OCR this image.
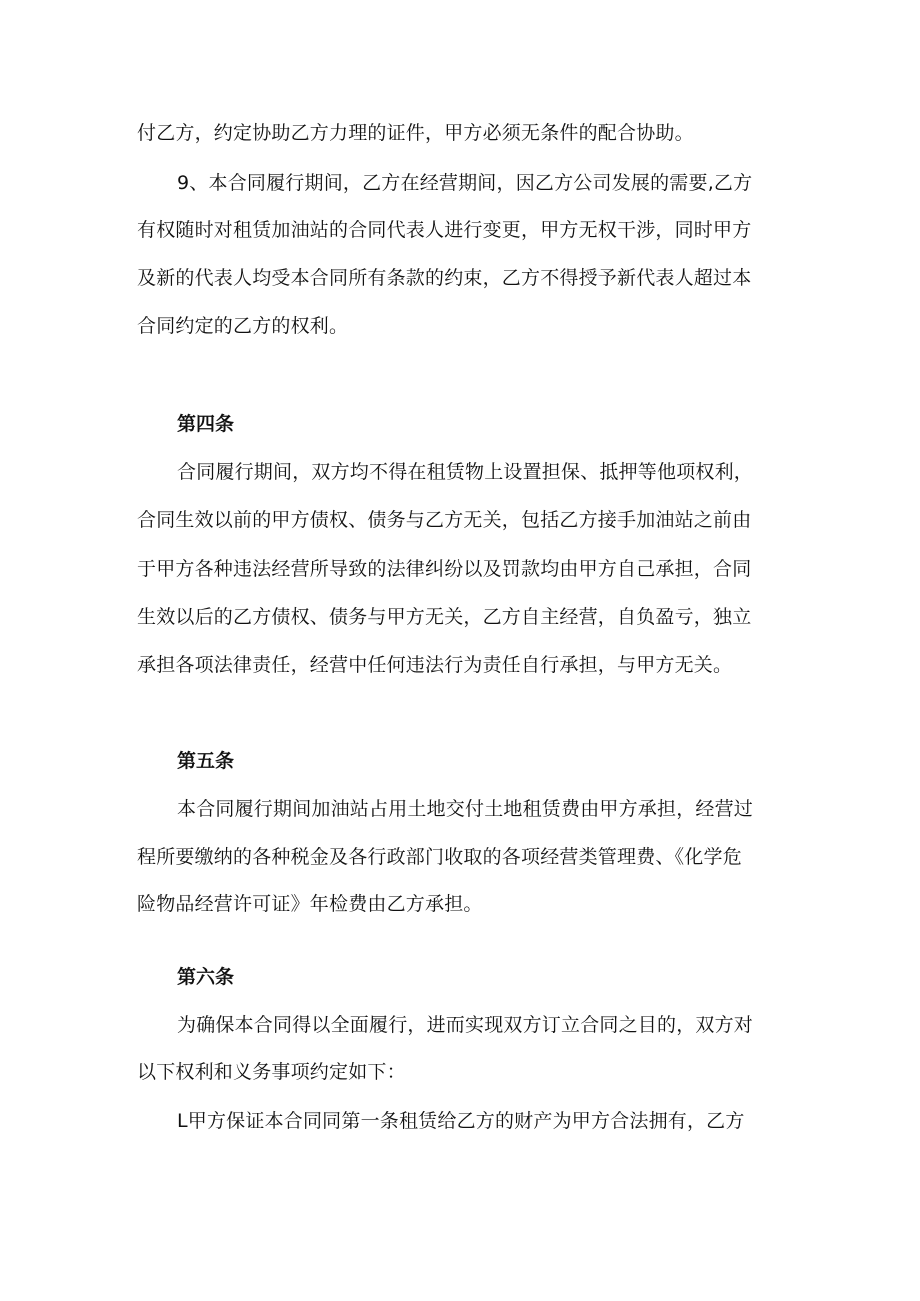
付乙方，约定协助乙方力理的证件，甲方必须无条件的配合协助。
9、本合同履行期间，乙方在经营期间，因乙方公司发展的需要,乙方
有权随时对租赁加油站的合同代表人进行变更，甲方无权干涉，同时甲方
及新的代表人均受本合同所有条款的约束，乙方不得授予新代表人超过本
合同约定的乙方的权利。
第四条
合同履行期间，双方均不得在租赁物上设置担保、抵押等他项权利，
合同生效以前的甲方债权、债务与乙方无关，包括乙方接手加油站之前由
于甲方各种违法经营所导致的法律纠纷以及罚款均由甲方自己承担，合同
生效以后的乙方债权、债务与甲方无关，乙方自主经营，自负盈亏，独立
承担各项法律责任，经营中任何违法行为责任自行承担，与甲方无关。
第五条
本合同履行期间加油站占用土地交付土地租赁费由甲方承担，经营过
程所要缴纳的各种税金及各行政部门收取的各项经营类管理费、《化学危
险物品经营许可证》年检费由乙方承担。
第六条
为确保本合同得以全面履行，进而实现双方订立合同之目的，双方对
以下权利和义务事项约定如下：
L甲方保证本合同同第一条租赁给乙方的财产为甲方合法拥有，乙方
